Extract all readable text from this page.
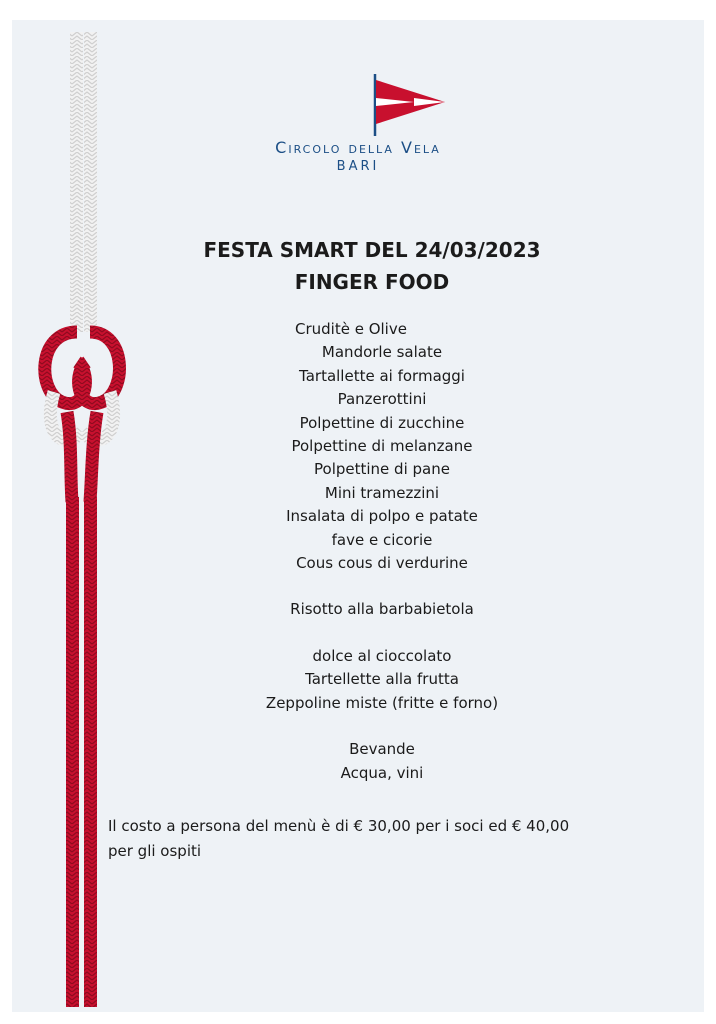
Circolo della Vela
BARI
FESTA SMART DEL 24/03/2023
FINGER FOOD
Cruditè e Olive
Mandorle salate
Tartallette ai formaggi
Panzerottini
Polpettine di zucchine
Polpettine di melanzane
Polpettine di pane
Mini tramezzini
Insalata di polpo e patate
fave e cicorie
Cous cous di verdurine
Risotto alla barbabietola
dolce al cioccolato
Tartellette alla frutta
Zeppoline miste (fritte e forno)
Bevande
Acqua, vini
Il costo a persona del menù è di € 30,00 per i soci ed € 40,00
per gli ospiti
